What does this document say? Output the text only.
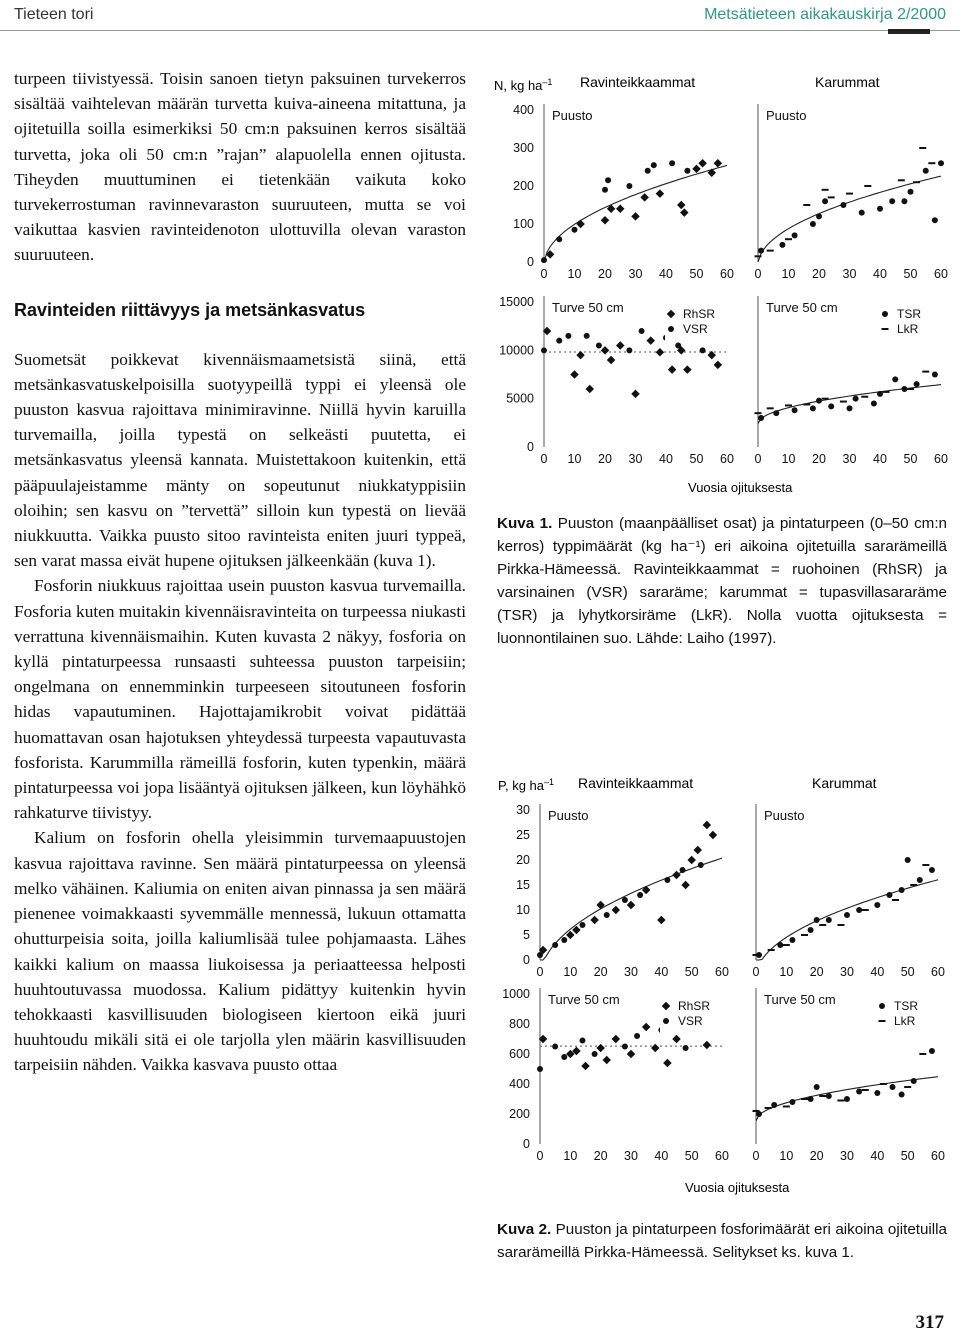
Tieteen tori	Metsätieteen aikakauskirja 2/2000

turpeen tiivistyessä. Toisin sanoen tietyn paksuinen turvekerros sisältää vaihtelevan määrän turvetta kuiva-aineena mitattuna, ja ojitetuilla soilla esimerkiksi 50 cm:n paksuinen kerros sisältää turvetta, joka oli 50 cm:n ”rajan” alapuolella ennen ojitusta. Tiheyden muuttuminen ei tietenkään vaikuta koko turvekerrostuman ravinnevaraston suuruuteen, mutta se voi vaikuttaa kasvien ravinteidenoton ulottuvilla olevan varaston suuruuteen.

Ravinteiden riittävyys ja metsänkasvatus

Suometsät poikkevat kivennäismaametsistä siinä, että metsänkasvatuskelpoisilla suotyypeillä typpi ei yleensä ole puuston kasvua rajoittava minimiravinne. Niillä hyvin karuilla turvemailla, joilla typestä on selkeästi puutetta, ei metsänkasvatus yleensä kannata. Muistettakoon kuitenkin, että pääpuulajeistamme mänty on sopeutunut niukkatyppisiin oloihin; sen kasvu on ”tervettä” silloin kun typestä on lievää niukkuutta. Vaikka puusto sitoo ravinteista eniten juuri typpeä, sen varat massa eivät hupene ojituksen jälkeenkään (kuva 1).

Fosforin niukkuus rajoittaa usein puuston kasvua turvemailla. Fosforia kuten muitakin kivennäisravinteita on turpeessa niukasti verrattuna kivennäismaihin. Kuten kuvasta 2 näkyy, fosforia on kyllä pintaturpeessa runsaasti suhteessa puuston tarpeisiin; ongelmana on ennemminkin turpeeseen sitoutuneen fosforin hidas vapautuminen. Hajottajamikrobit voivat pidättää huomattavan osan hajotuksen yhteydessä turpeesta vapautuvasta fosforista. Karummilla rämeillä fosforin, kuten typenkin, määrä pintaturpeessa voi jopa lisääntyä ojituksen jälkeen, kun löyhähkö rahkaturve tiivistyy.

Kalium on fosforin ohella yleisimmin turvemaapuustojen kasvua rajoittava ravinne. Sen määrä pintaturpeessa on yleensä melko vähäinen. Kaliumia on eniten aivan pinnassa ja sen määrä pienenee voimakkaasti syvemmälle mennessä, lukuun ottamatta ohutturpeisia soita, joilla kaliumlisää tulee pohjamaasta. Lähes kaikki kalium on maassa liukoisessa ja periaatteessa helposti huuhtoutuvassa muodossa. Kalium pidättyy kuitenkin hyvin tehokkaasti kasvillisuuden biologiseen kiertoon eikä juuri huuhtoudu mikäli sitä ei ole tarjolla ylen määrin kasvillisuuden tarpeisiin nähden. Vaikka kasvava puusto ottaa

N, kg $ha^{-1}$ Ravinteikkaammat	Karummat
0 10 20 30 40 50 60
400
300
200
100
0
Puusto
0 10 20 30 40 50 60
Puusto
0 10 20 30 40 50 60
15000
10000
5000
0
Turve 50 cm	RhSR
VSR
0 10 20 30 40 50 60
Turve 50 cm	TSR
LkR
Vuosia ojituksesta
P, kg $ha^{-1}$ Ravinteikkaammat	Karummat
0 10 20 30 40 50 60
30
25
20
15
10
5
0
Puusto
0 10 20 30 40 50 60
Puusto
0 10 20 30 40 50 60
1000
800
600
400
200
0
Turve 50 cm	RhSR
VSR
0 10 20 30 40 50 60
Turve 50 cm	TSR
LkR
Vuosia ojituksesta
Kuva 1. Puuston (maanpäälliset osat) ja pintaturpeen (0–50 cm:n kerros) typpimäärät (kg ha⁻¹) eri aikoina ojitetuilla sararämeillä Pirkka-Hämeessä. Ravinteikkaammat = ruohoinen (RhSR) ja varsinainen (VSR) sararäme; karummat = tupasvillasararäme (TSR) ja lyhytkorsiräme (LkR). Nolla vuotta ojituksesta = luonnontilainen suo. Lähde: Laiho (1997).
Kuva 2. Puuston ja pintaturpeen fosforimäärät eri aikoina ojitetuilla sararämeillä Pirkka-Hämeessä. Selitykset ks. kuva 1.
317
